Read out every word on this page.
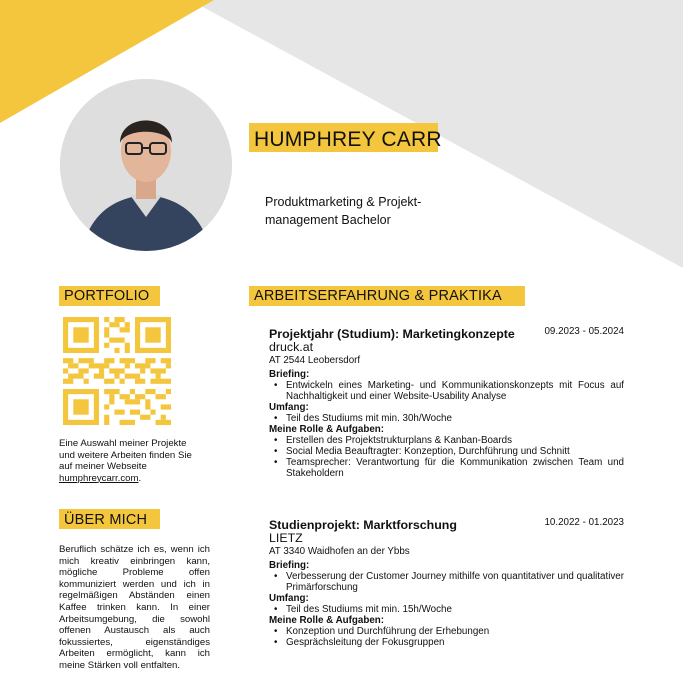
HUMPHREY CARR
Produktmarketing & Projekt-
management Bachelor
PORTFOLIO
Eine Auswahl meiner Projekte
und weitere Arbeiten finden Sie
auf meiner Webseite
humphreycarr.com.
ÜBER MICH
Beruflich schätze ich es, wenn ich mich kreativ einbringen kann, mögliche Probleme offen kommuniziert werden und ich in regelmäßigen Abständen einen Kaffee trinken kann. In einer Arbeitsumgebung, die sowohl offenen Austausch als auch fokussiertes, eigenständiges Arbeiten ermöglicht, kann ich meine Stärken voll entfalten.
ARBEITSERFAHRUNG & PRAKTIKA
Projektjahr (Studium): Marketingkonzepte	09.2023 - 05.2024
druck.at
AT 2544 Leobersdorf
Briefing:
• Entwickeln eines Marketing- und Kommunikationskonzepts mit Focus auf Nachhaltigkeit und einer Website-Usability Analyse
Umfang:
• Teil des Studiums mit min. 30h/Woche
Meine Rolle & Aufgaben:
• Erstellen des Projektstrukturplans & Kanban-Boards
• Social Media Beauftragter: Konzeption, Durchführung und Schnitt
• Teamsprecher: Verantwortung für die Kommunikation zwischen Team und Stakeholdern
Studienprojekt: Marktforschung	10.2022 - 01.2023
LIETZ
AT 3340 Waidhofen an der Ybbs
Briefing:
• Verbesserung der Customer Journey mithilfe von quantitativer und qualitativer Primärforschung
Umfang:
• Teil des Studiums mit min. 15h/Woche
Meine Rolle & Aufgaben:
• Konzeption und Durchführung der Erhebungen
• Gesprächsleitung der Fokusgruppen
